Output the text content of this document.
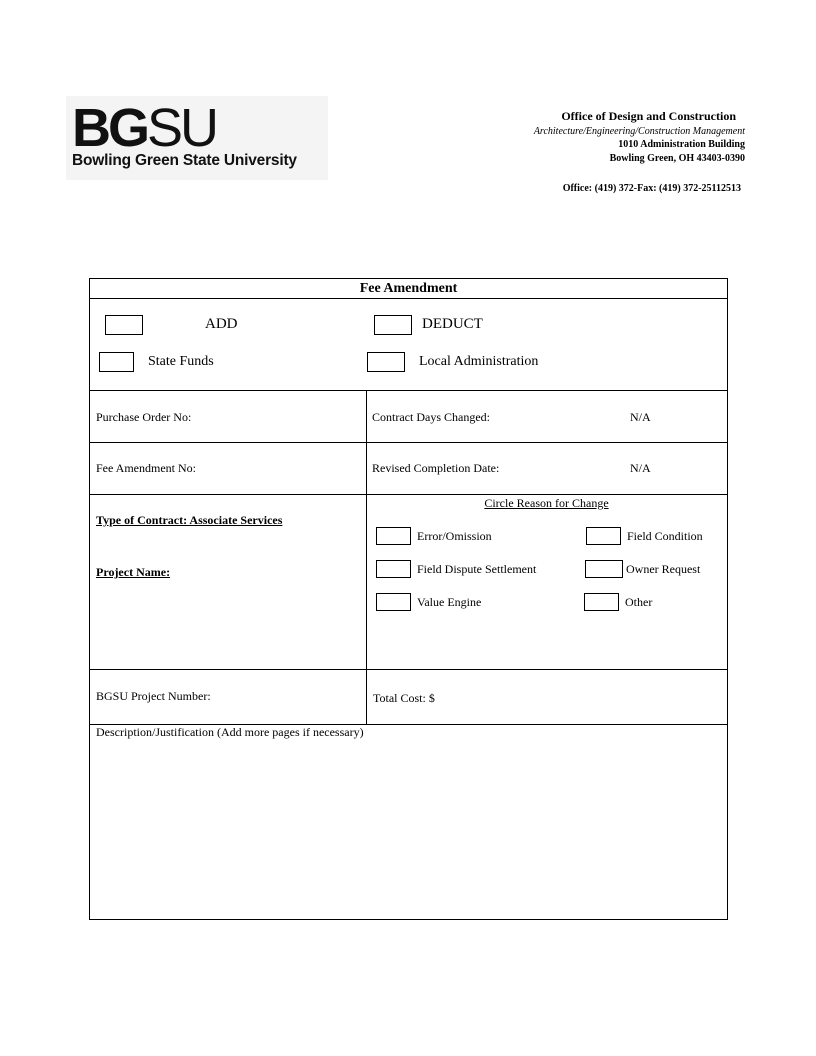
BGSU
Bowling Green State University
Office of Design and Construction
Architecture/Engineering/Construction Management
1010 Administration Building
Bowling Green, OH 43403-0390
Office: (419) 372-Fax: (419) 372-25112513
Fee Amendment
ADD	DEDUCT
State Funds	Local Administration
Purchase Order No:	Contract Days Changed:	N/A
Fee Amendment No:	Revised Completion Date:	N/A
Type of Contract: Associate Services
Project Name:
Circle Reason for Change
Error/Omission	Field Condition
Field Dispute Settlement	Owner Request
Value Engine	Other
BGSU Project Number:	Total Cost: $
Description/Justification (Add more pages if necessary)
